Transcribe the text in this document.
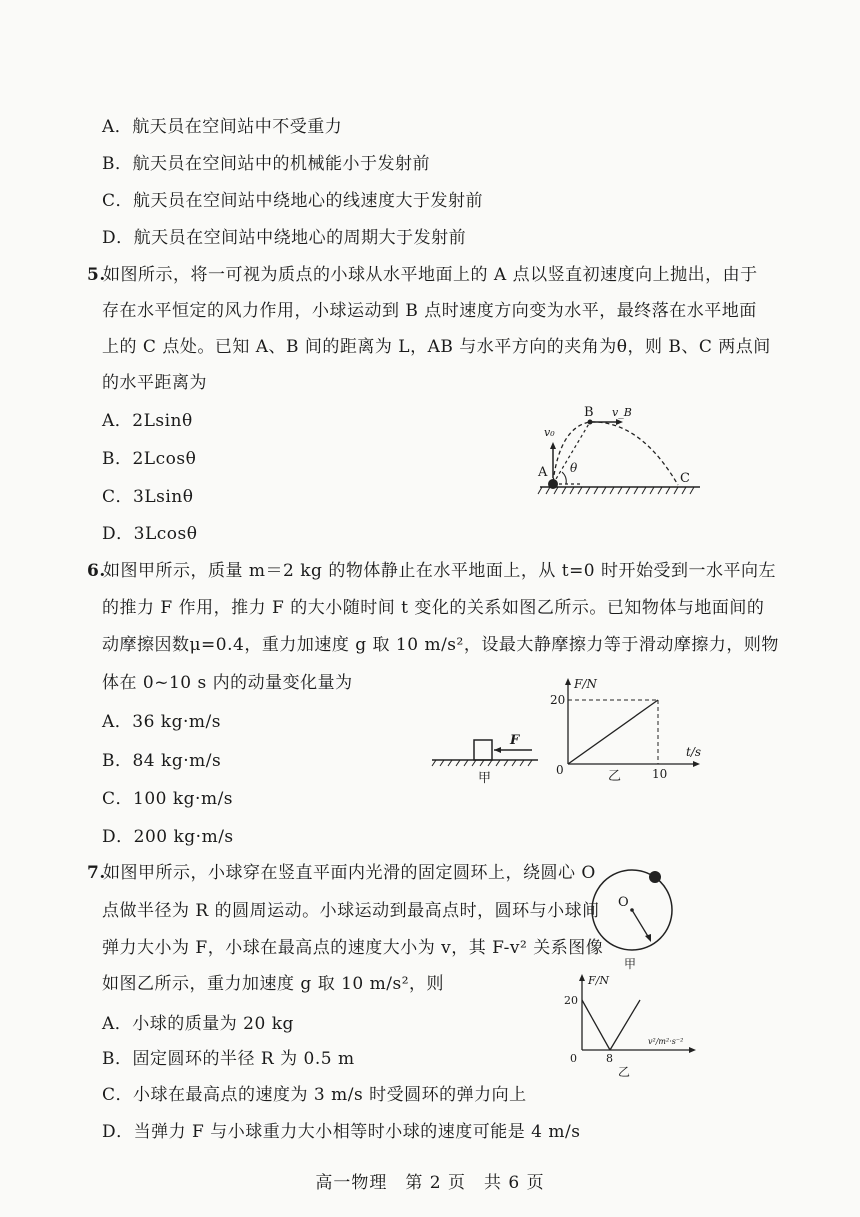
A．航天员在空间站中不受重力
B．航天员在空间站中的机械能小于发射前
C．航天员在空间站中绕地心的线速度大于发射前
D．航天员在空间站中绕地心的周期大于发射前
5.如图所示，将一可视为质点的小球从水平地面上的 A 点以竖直初速度向上抛出，由于
存在水平恒定的风力作用，小球运动到 B 点时速度方向变为水平，最终落在水平地面
上的 C 点处。已知 A、B 间的距离为 L，AB 与水平方向的夹角为θ，则 B、C 两点间
的水平距离为
A．2Lsinθ
B．2Lcosθ
C．3Lsinθ
D．3Lcosθ
v₀
B v_B
A θ
C
6.如图甲所示，质量 m＝2 kg 的物体静止在水平地面上，从 t=0 时开始受到一水平向左
的推力 F 作用，推力 F 的大小随时间 t 变化的关系如图乙所示。已知物体与地面间的
动摩擦因数μ=0.4，重力加速度 g 取 10 m/s²，设最大静摩擦力等于滑动摩擦力，则物
体在 0~10 s 内的动量变化量为
A．36 kg·m/s
B．84 kg·m/s
C．100 kg·m/s
D．200 kg·m/s
F
甲
F/N
t/s
20
10
0	乙
7.如图甲所示，小球穿在竖直平面内光滑的固定圆环上，绕圆心 O
点做半径为 R 的圆周运动。小球运动到最高点时，圆环与小球间
弹力大小为 F，小球在最高点的速度大小为 v，其 F-v² 关系图像
如图乙所示，重力加速度 g 取 10 m/s²，则
A．小球的质量为 20 kg
B．固定圆环的半径 R 为 0.5 m
C．小球在最高点的速度为 3 m/s 时受圆环的弹力向上
D．当弹力 F 与小球重力大小相等时小球的速度可能是 4 m/s
O
甲
F/N
v²/m²·s⁻²
20
8
0
乙
高一物理　第 2 页　共 6 页
